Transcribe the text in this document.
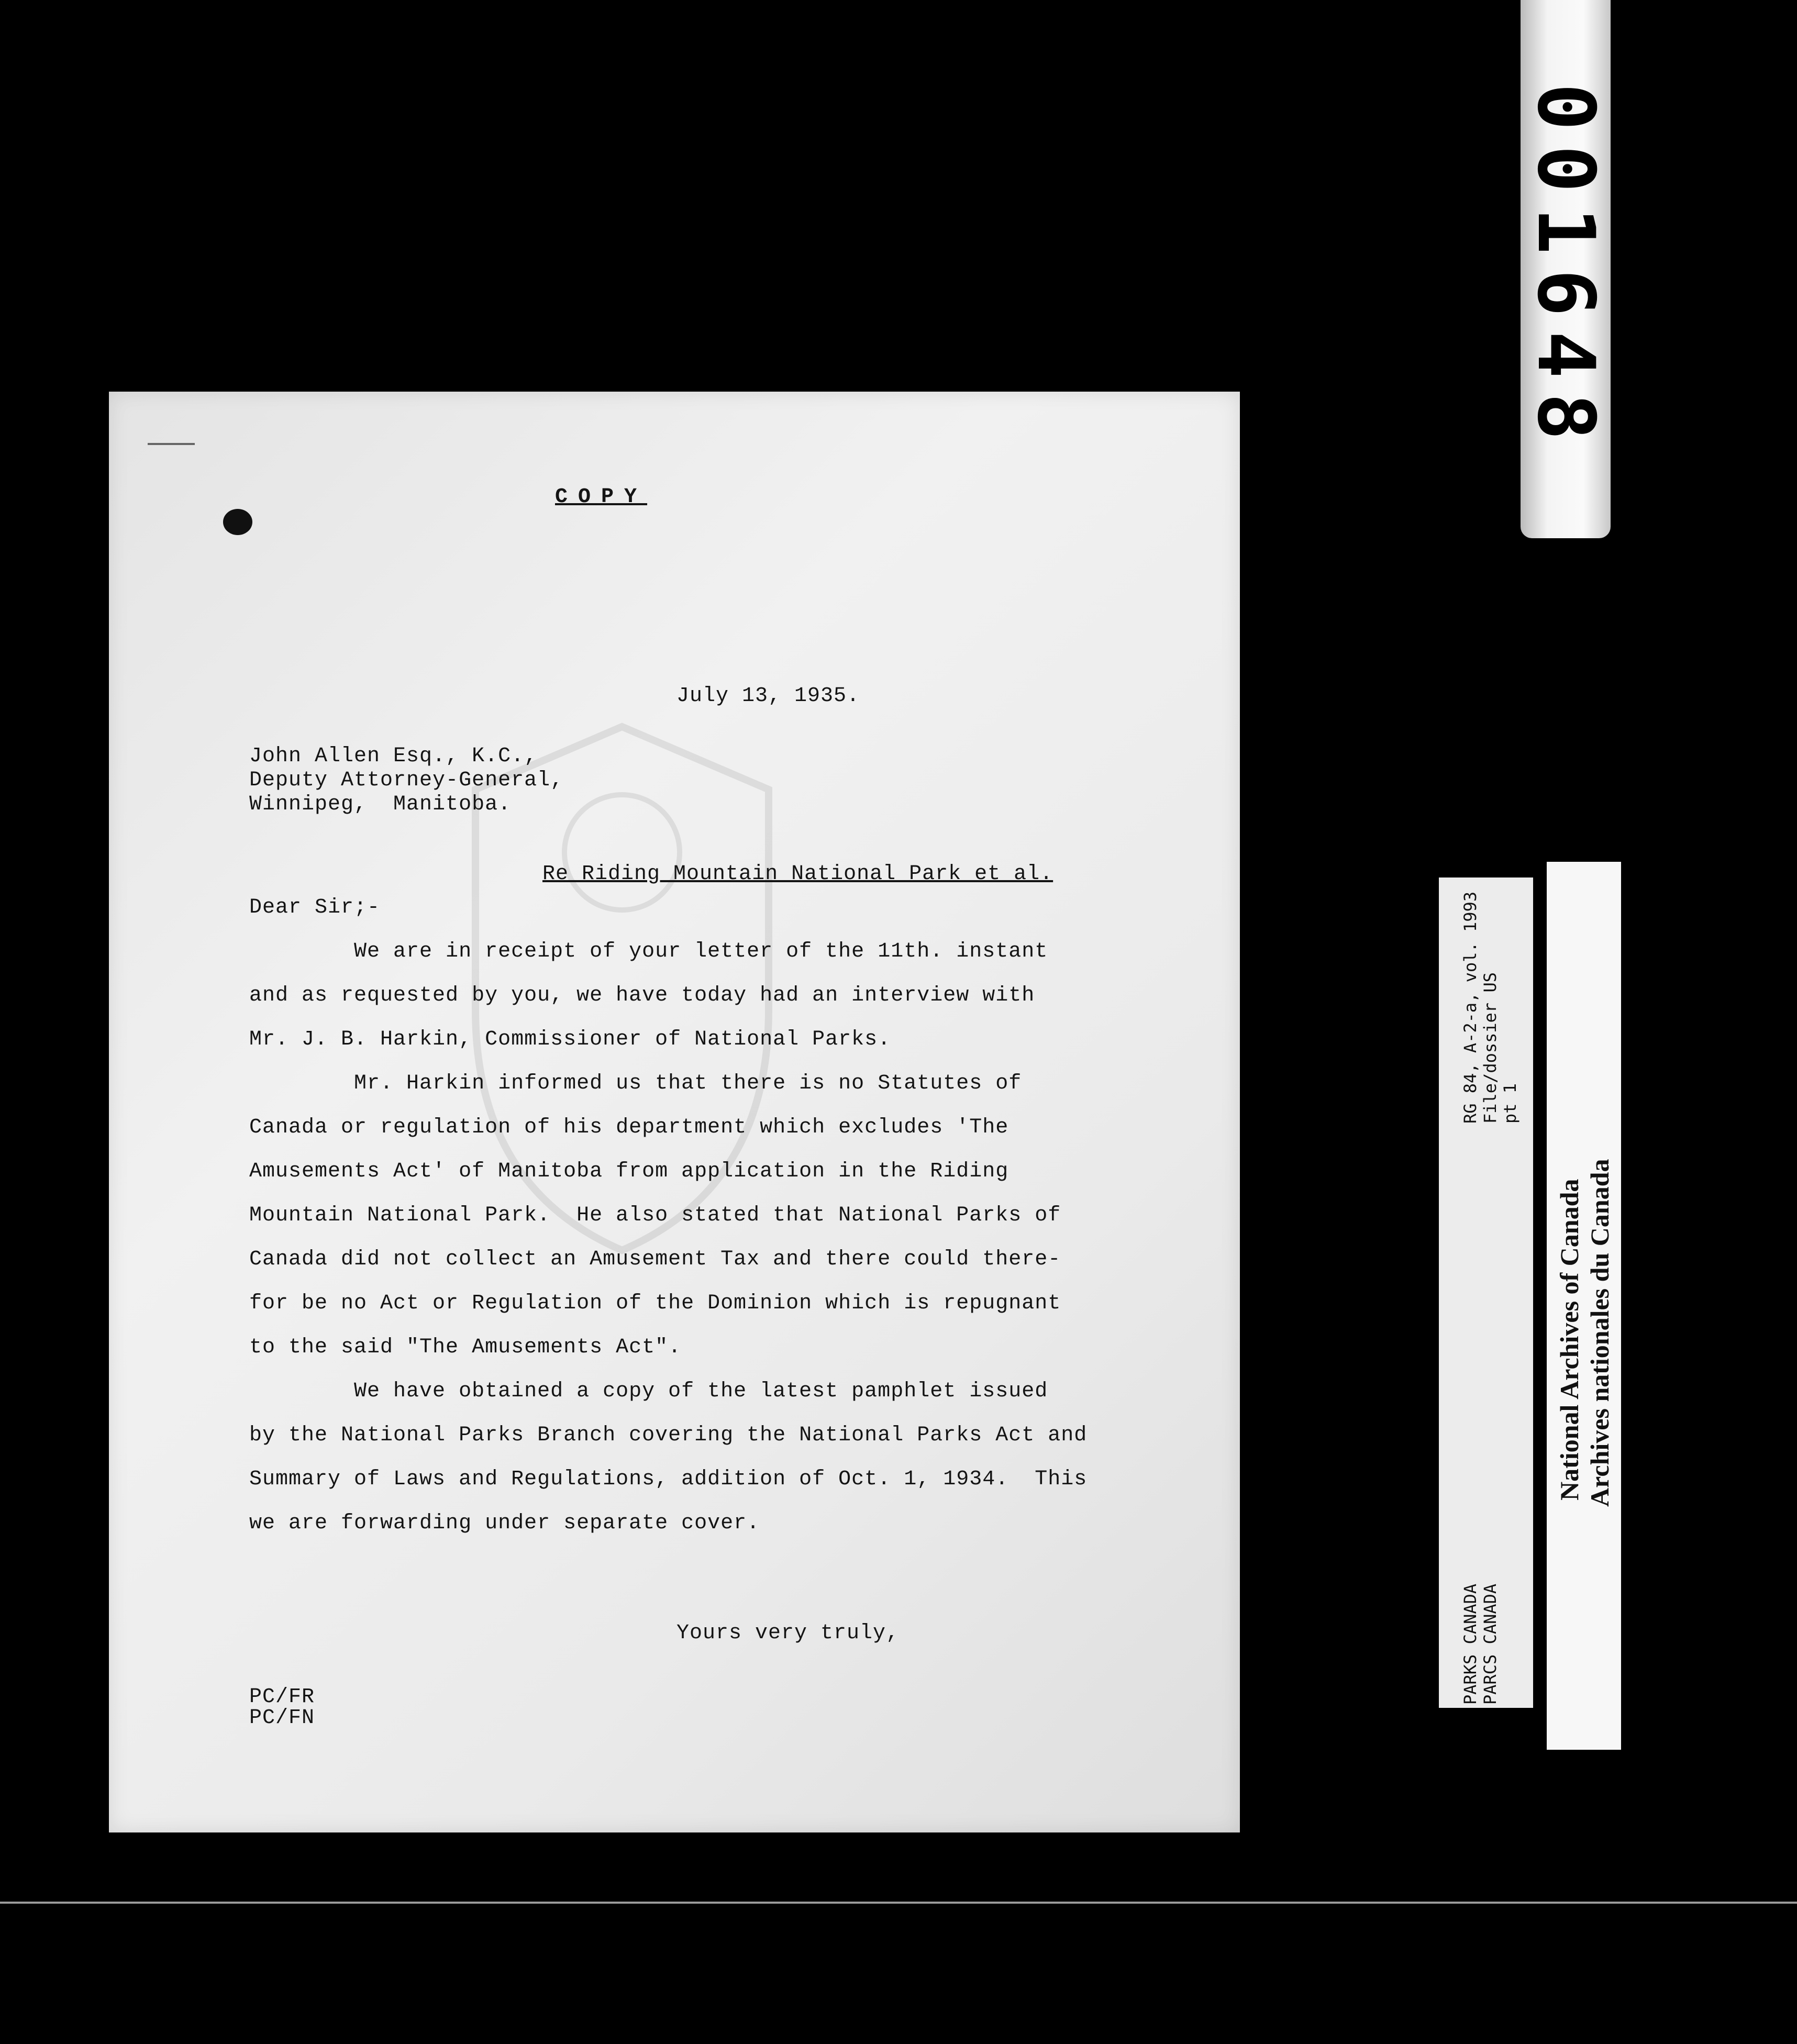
COPY

July 13, 1935.

John Allen Esq., K.C.,

Deputy Attorney-General,

Winnipeg,  Manitoba.

Re Riding Mountain National Park et al.

Dear Sir;-

We are in receipt of your letter of the 11th. instant

and as requested by you, we have today had an interview with

Mr. J. B. Harkin, Commissioner of National Parks.

Mr. Harkin informed us that there is no Statutes of

Canada or regulation of his department which excludes 'The

Amusements Act' of Manitoba from application in the Riding

Mountain National Park.  He also stated that National Parks of

Canada did not collect an Amusement Tax and there could there-

for be no Act or Regulation of the Dominion which is repugnant

to the said "The Amusements Act".

We have obtained a copy of the latest pamphlet issued

by the National Parks Branch covering the National Parks Act and

Summary of Laws and Regulations, addition of Oct. 1, 1934.  This

we are forwarding under separate cover.

Yours very truly,

PC/FR

PC/FN

001648
RG 84, A-2-a, vol. 1993 File/dossier US pt 1
PARKS CANADA PARCS CANADA
National Archives of Canada Archives nationales du Canada
